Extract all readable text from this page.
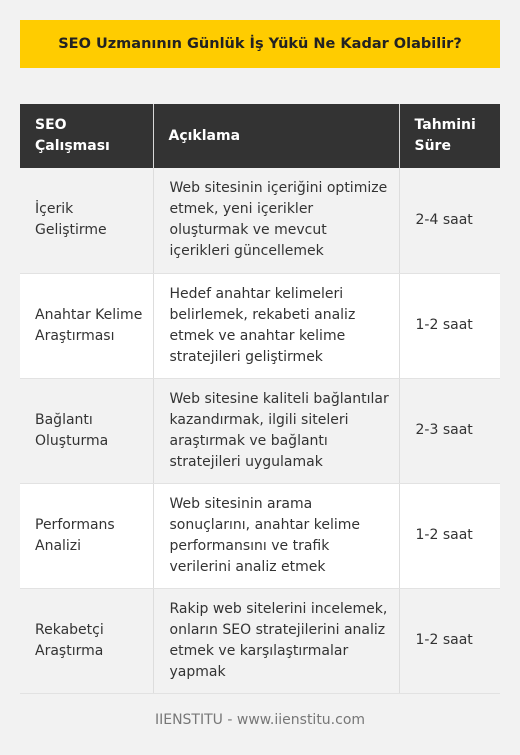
SEO Uzmanının Günlük İş Yükü Ne Kadar Olabilir?
SEO Çalışması	Açıklama	Tahmini Süre
İçerik Geliştirme	Web sitesinin içeriğini optimize etmek, yeni içerikler oluşturmak ve mevcut içerikleri güncellemek	2-4 saat
Anahtar Kelime Araştırması	Hedef anahtar kelimeleri belirlemek, rekabeti analiz etmek ve anahtar kelime stratejileri geliştirmek	1-2 saat
Bağlantı Oluşturma	Web sitesine kaliteli bağlantılar kazandırmak, ilgili siteleri araştırmak ve bağlantı stratejileri uygulamak	2-3 saat
Performans Analizi	Web sitesinin arama sonuçlarını, anahtar kelime performansını ve trafik verilerini analiz etmek	1-2 saat
Rekabetçi Araştırma	Rakip web sitelerini incelemek, onların SEO stratejilerini analiz etmek ve karşılaştırmalar yapmak	1-2 saat
IIENSTITU - www.iienstitu.com
